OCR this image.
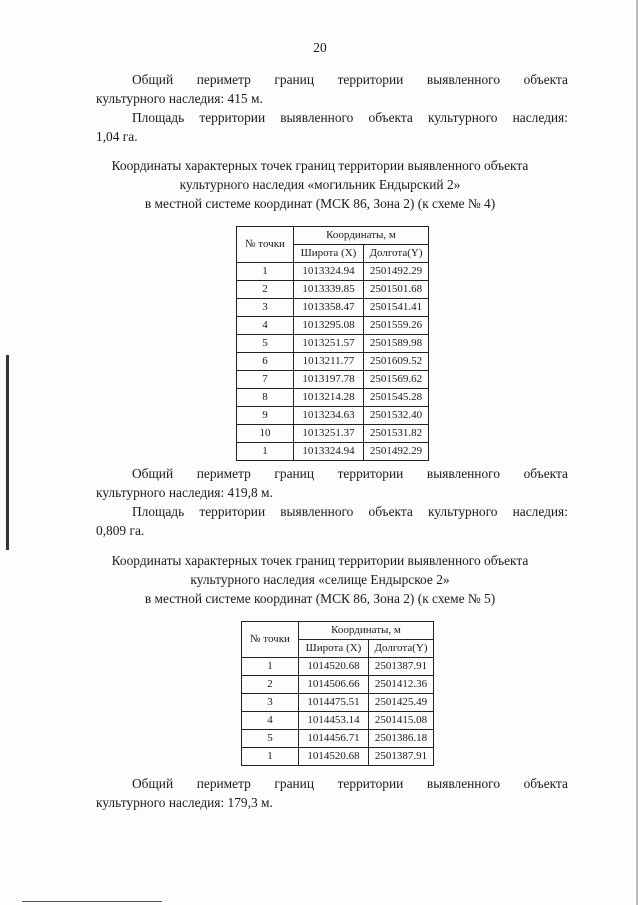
20
Общий периметр границ территории выявленного объекта
культурного наследия: 415 м.
Площадь территории выявленного объекта культурного наследия:
1,04 га.
Координаты характерных точек границ территории выявленного объекта
культурного наследия «могильник Ендырский 2»
в местной системе координат (МСК 86, Зона 2) (к схеме № 4)
№ точки	Координаты, м	
	Широта (X)	Долгота(Y)
1	1013324.94	2501492.29
2	1013339.85	2501501.68
3	1013358.47	2501541.41
4	1013295.08	2501559.26
5	1013251.57	2501589.98
6	1013211.77	2501609.52
7	1013197.78	2501569.62
8	1013214.28	2501545.28
9	1013234.63	2501532.40
10	1013251.37	2501531.82
1	1013324.94	2501492.29
Общий периметр границ территории выявленного объекта
культурного наследия: 419,8 м.
Площадь территории выявленного объекта культурного наследия:
0,809 га.
Координаты характерных точек границ территории выявленного объекта
культурного наследия «селище Ендырское 2»
в местной системе координат (МСК 86, Зона 2) (к схеме № 5)
№ точки	Координаты, м	
	Широта (X)	Долгота(Y)
1	1014520.68	2501387.91
2	1014506.66	2501412.36
3	1014475.51	2501425.49
4	1014453.14	2501415.08
5	1014456.71	2501386.18
1	1014520.68	2501387.91
Общий периметр границ территории выявленного объекта
культурного наследия: 179,3 м.
